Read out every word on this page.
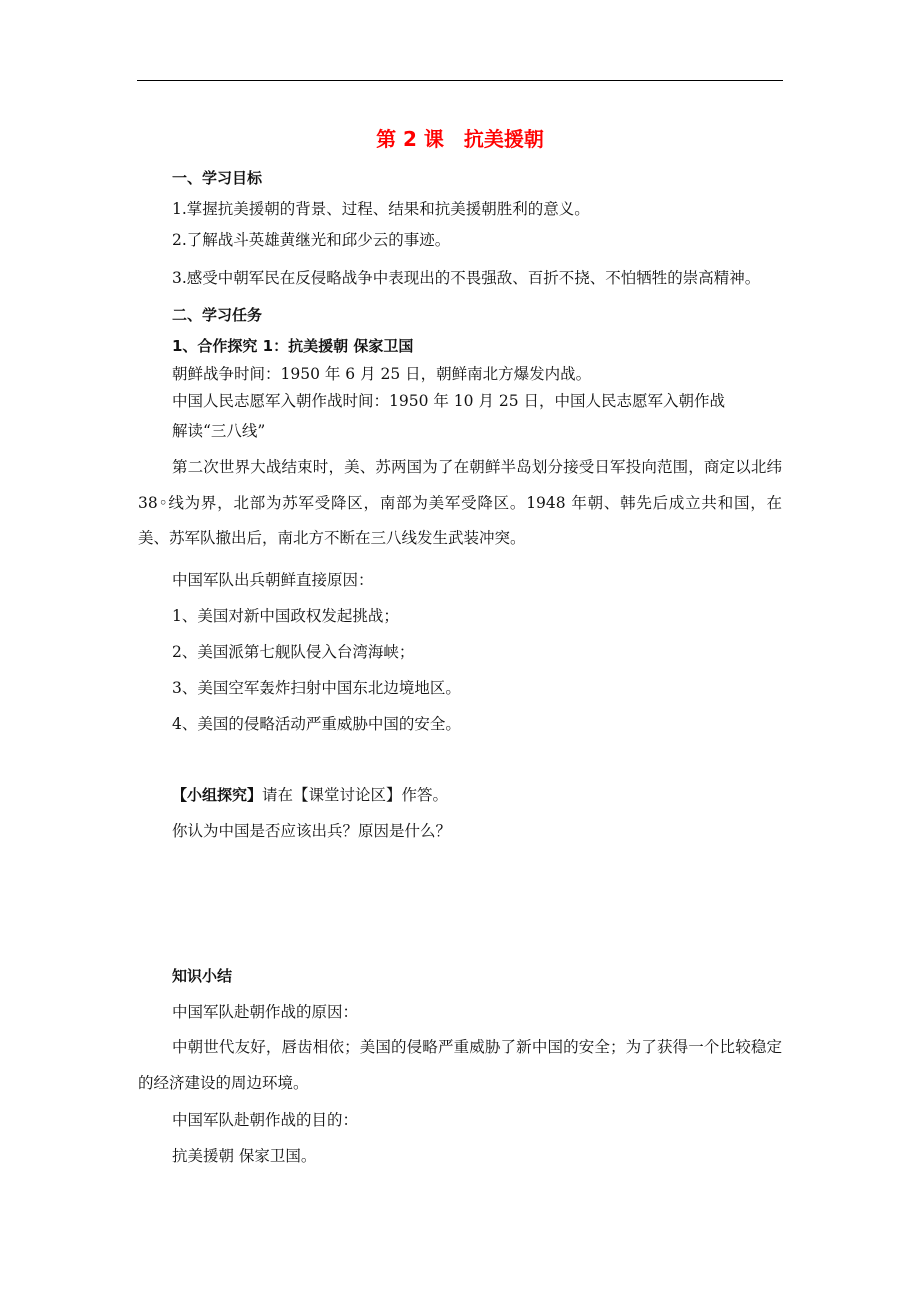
第 2 课　抗美援朝
一、学习目标
1.掌握抗美援朝的背景、过程、结果和抗美援朝胜利的意义。
2.了解战斗英雄黄继光和邱少云的事迹。
3.感受中朝军民在反侵略战争中表现出的不畏强敌、百折不挠、不怕牺牲的崇高精神。
二、学习任务
1、合作探究 1：抗美援朝 保家卫国
朝鲜战争时间：1950 年 6 月 25 日，朝鲜南北方爆发内战。
中国人民志愿军入朝作战时间：1950 年 10 月 25 日，中国人民志愿军入朝作战
解读“三八线”
第二次世界大战结束时，美、苏两国为了在朝鲜半岛划分接受日军投向范围，商定以北纬 38◦线为界，北部为苏军受降区，南部为美军受降区。1948 年朝、韩先后成立共和国，在美、苏军队撤出后，南北方不断在三八线发生武装冲突。
中国军队出兵朝鲜直接原因：
1、美国对新中国政权发起挑战；
2、美国派第七舰队侵入台湾海峡；
3、美国空军轰炸扫射中国东北边境地区。
4、美国的侵略活动严重威胁中国的安全。
【小组探究】请在【课堂讨论区】作答。
你认为中国是否应该出兵？原因是什么？
知识小结
中国军队赴朝作战的原因：
中朝世代友好，唇齿相依；美国的侵略严重威胁了新中国的安全；为了获得一个比较稳定的经济建设的周边环境。
中国军队赴朝作战的目的：
抗美援朝 保家卫国。
